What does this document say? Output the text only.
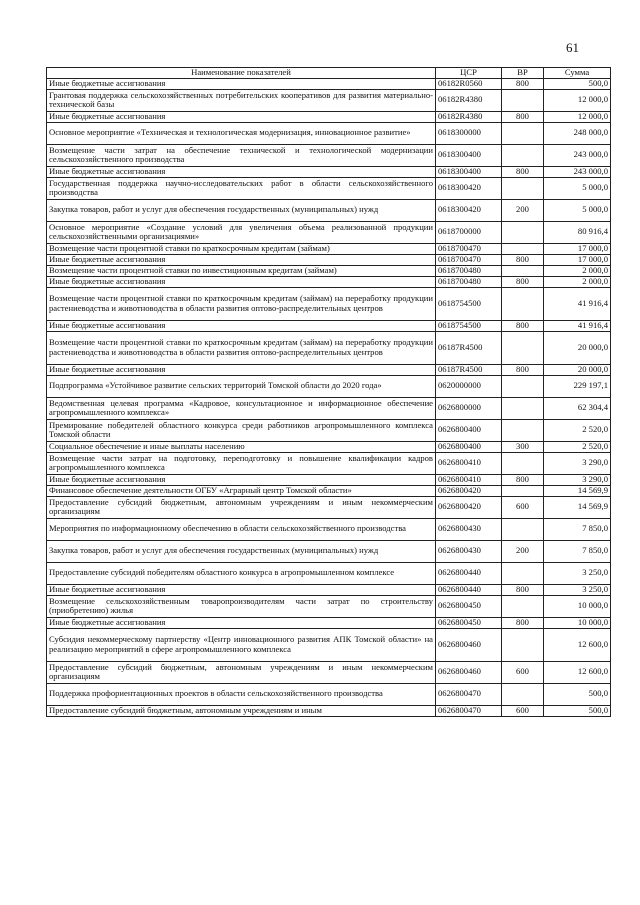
61
Наименование показателей	ЦСР	ВР	Сумма
Иные бюджетные ассигнования	06182R0560	800	500,0
Грантовая поддержка сельскохозяйственных потребительских кооперативов для развития материально-технической базы	06182R4380		12 000,0
Иные бюджетные ассигнования	06182R4380	800	12 000,0
Основное мероприятие «Техническая и технологическая модернизация, инновационное развитие»	0618300000		248 000,0
Возмещение части затрат на обеспечение технической и технологической модернизации сельскохозяйственного производства	0618300400		243 000,0
Иные бюджетные ассигнования	0618300400	800	243 000,0
Государственная поддержка научно-исследовательских работ в области сельскохозяйственного производства	0618300420		5 000,0
Закупка товаров, работ и услуг для обеспечения государственных (муниципальных) нужд	0618300420	200	5 000,0
Основное мероприятие «Создание условий для увеличения объема реализованной продукции сельскохозяйственными организациями»	0618700000		80 916,4
Возмещение части процентной ставки по краткосрочным кредитам (займам)	0618700470		17 000,0
Иные бюджетные ассигнования	0618700470	800	17 000,0
Возмещение части процентной ставки по инвестиционным кредитам (займам)	0618700480		2 000,0
Иные бюджетные ассигнования	0618700480	800	2 000,0
Возмещение части процентной ставки по краткосрочным кредитам (займам) на переработку продукции растениеводства и животноводства в области развития оптово-распределительных центров	0618754500		41 916,4
Иные бюджетные ассигнования	0618754500	800	41 916,4
Возмещение части процентной ставки по краткосрочным кредитам (займам) на переработку продукции растениеводства и животноводства в области развития оптово-распределительных центров	06187R4500		20 000,0
Иные бюджетные ассигнования	06187R4500	800	20 000,0
Подпрограмма «Устойчивое развитие сельских территорий Томской области до 2020 года»	0620000000		229 197,1
Ведомственная целевая программа «Кадровое, консультационное и информационное обеспечение агропромышленного комплекса»	0626800000		62 304,4
Премирование победителей областного конкурса среди работников агропромышленного комплекса Томской области	0626800400		2 520,0
Социальное обеспечение и иные выплаты населению	0626800400	300	2 520,0
Возмещение части затрат на подготовку, переподготовку и повышение квалификации кадров агропромышленного комплекса	0626800410		3 290,0
Иные бюджетные ассигнования	0626800410	800	3 290,0
Финансовое обеспечение деятельности ОГБУ «Аграрный центр Томской области»	0626800420		14 569,9
Предоставление субсидий бюджетным, автономным учреждениям и иным некоммерческим организациям	0626800420	600	14 569,9
Мероприятия по информационному обеспечению в области сельскохозяйственного производства	0626800430		7 850,0
Закупка товаров, работ и услуг для обеспечения государственных (муниципальных) нужд	0626800430	200	7 850,0
Предоставление субсидий победителям областного конкурса в агропромышленном комплексе	0626800440		3 250,0
Иные бюджетные ассигнования	0626800440	800	3 250,0
Возмещение сельскохозяйственным товаропроизводителям части затрат по строительству (приобретению) жилья	0626800450		10 000,0
Иные бюджетные ассигнования	0626800450	800	10 000,0
Субсидия некоммерческому партнерству «Центр инновационного развития АПК Томской области» на реализацию мероприятий в сфере агропромышленного комплекса	0626800460		12 600,0
Предоставление субсидий бюджетным, автономным учреждениям и иным некоммерческим организациям	0626800460	600	12 600,0
Поддержка профориентационных проектов в области сельскохозяйственного производства	0626800470		500,0
Предоставление субсидий бюджетным, автономным учреждениям и иным	0626800470	600	500,0
